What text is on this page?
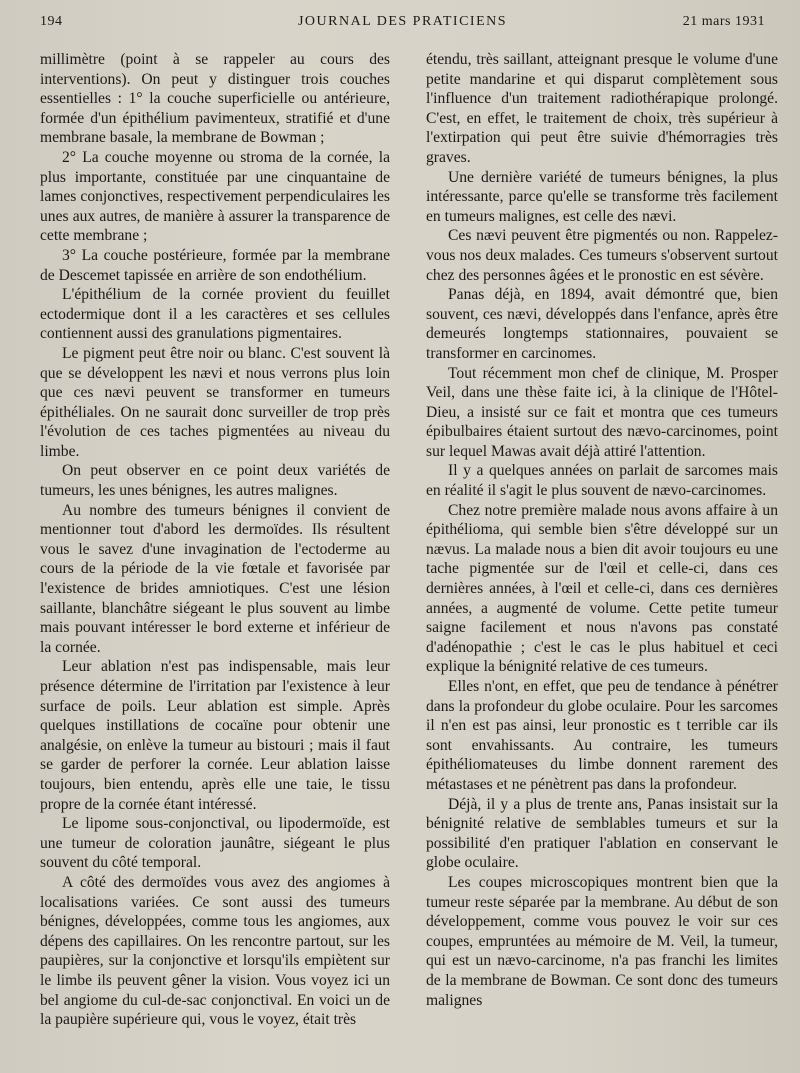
194	JOURNAL DES PRATICIENS	21 mars 1931

millimètre (point à se rappeler au cours des interventions). On peut y distinguer trois couches essentielles : 1° la couche superficielle ou antérieure, formée d'un épithélium pavimenteux, stratifié et d'une membrane basale, la membrane de Bowman ;

2° La couche moyenne ou stroma de la cornée, la plus importante, constituée par une cinquantaine de lames conjonctives, respectivement perpendiculaires les unes aux autres, de manière à assurer la transparence de cette membrane ;

3° La couche postérieure, formée par la membrane de Descemet tapissée en arrière de son endothélium.

L'épithélium de la cornée provient du feuillet ectodermique dont il a les caractères et ses cellules contiennent aussi des granulations pigmentaires.

Le pigment peut être noir ou blanc. C'est souvent là que se développent les nævi et nous verrons plus loin que ces nævi peuvent se transformer en tumeurs épithéliales. On ne saurait donc surveiller de trop près l'évolution de ces taches pigmentées au niveau du limbe.

On peut observer en ce point deux variétés de tumeurs, les unes bénignes, les autres malignes.

Au nombre des tumeurs bénignes il convient de mentionner tout d'abord les dermoïdes. Ils résultent vous le savez d'une invagination de l'ectoderme au cours de la période de la vie fœtale et favorisée par l'existence de brides amniotiques. C'est une lésion saillante, blanchâtre siégeant le plus souvent au limbe mais pouvant intéresser le bord externe et inférieur de la cornée.

Leur ablation n'est pas indispensable, mais leur présence détermine de l'irritation par l'existence à leur surface de poils. Leur ablation est simple. Après quelques instillations de cocaïne pour obtenir une analgésie, on enlève la tumeur au bistouri ; mais il faut se garder de perforer la cornée. Leur ablation laisse toujours, bien entendu, après elle une taie, le tissu propre de la cornée étant intéressé.

Le lipome sous-conjonctival, ou lipodermoïde, est une tumeur de coloration jaunâtre, siégeant le plus souvent du côté temporal.

A côté des dermoïdes vous avez des angiomes à localisations variées. Ce sont aussi des tumeurs bénignes, développées, comme tous les angiomes, aux dépens des capillaires. On les rencontre partout, sur les paupières, sur la conjonctive et lorsqu'ils empiètent sur le limbe ils peuvent gêner la vision. Vous voyez ici un bel angiome du cul-de-sac conjonctival. En voici un de la paupière supérieure qui, vous le voyez, était très

étendu, très saillant, atteignant presque le volume d'une petite mandarine et qui disparut complètement sous l'influence d'un traitement radiothérapique prolongé. C'est, en effet, le traitement de choix, très supérieur à l'extirpation qui peut être suivie d'hémorragies très graves.

Une dernière variété de tumeurs bénignes, la plus intéressante, parce qu'elle se transforme très facilement en tumeurs malignes, est celle des nævi.

Ces nævi peuvent être pigmentés ou non. Rappelez-vous nos deux malades. Ces tumeurs s'observent surtout chez des personnes âgées et le pronostic en est sévère.

Panas déjà, en 1894, avait démontré que, bien souvent, ces nævi, développés dans l'enfance, après être demeurés longtemps stationnaires, pouvaient se transformer en carcinomes.

Tout récemment mon chef de clinique, M. Prosper Veil, dans une thèse faite ici, à la clinique de l'Hôtel-Dieu, a insisté sur ce fait et montra que ces tumeurs épibulbaires étaient surtout des nævo-carcinomes, point sur lequel Mawas avait déjà attiré l'attention.

Il y a quelques années on parlait de sarcomes mais en réalité il s'agit le plus souvent de nævo-carcinomes.

Chez notre première malade nous avons affaire à un épithélioma, qui semble bien s'être développé sur un nævus. La malade nous a bien dit avoir toujours eu une tache pigmentée sur de l'œil et celle-ci, dans ces dernières années, à l'œil et celle-ci, dans ces dernières années, a augmenté de volume. Cette petite tumeur saigne facilement et nous n'avons pas constaté d'adénopathie ; c'est le cas le plus habituel et ceci explique la bénignité relative de ces tumeurs.

Elles n'ont, en effet, que peu de tendance à pénétrer dans la profondeur du globe oculaire. Pour les sarcomes il n'en est pas ainsi, leur pronostic es t terrible car ils sont envahissants. Au contraire, les tumeurs épithéliomateuses du limbe donnent rarement des métastases et ne pénètrent pas dans la profondeur.

Déjà, il y a plus de trente ans, Panas insistait sur la bénignité relative de semblables tumeurs et sur la possibilité d'en pratiquer l'ablation en conservant le globe oculaire.

Les coupes microscopiques montrent bien que la tumeur reste séparée par la membrane. Au début de son développement, comme vous pouvez le voir sur ces coupes, empruntées au mémoire de M. Veil, la tumeur, qui est un nævo-carcinome, n'a pas franchi les limites de la membrane de Bowman. Ce sont donc des tumeurs malignes
